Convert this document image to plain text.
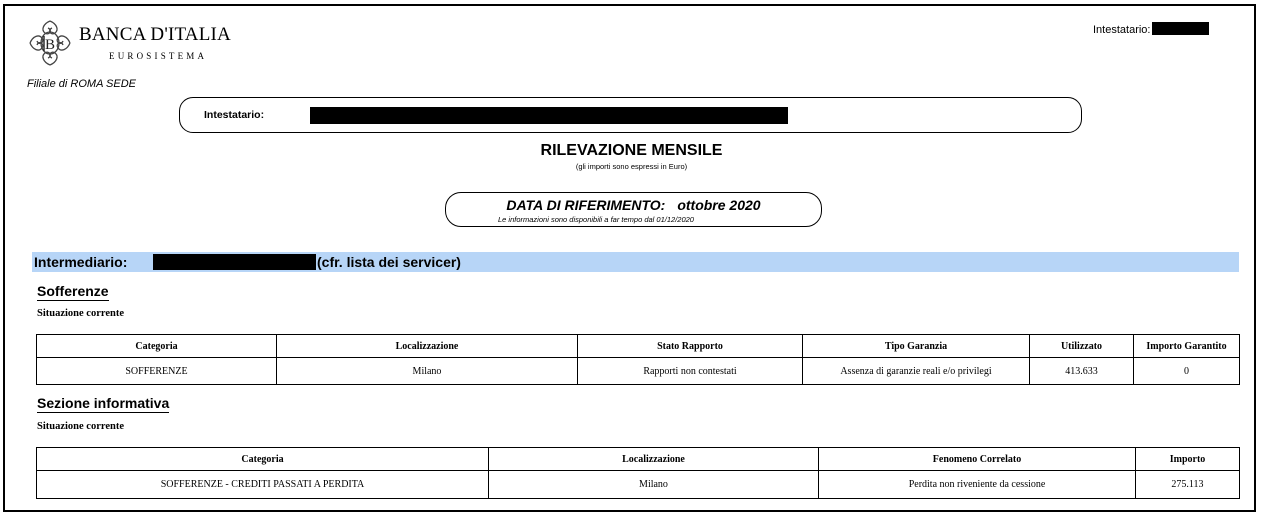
B BANCA D'ITALIA
EUROSISTEMA
Intestatario:
Filiale di ROMA SEDE
Intestatario:
RILEVAZIONE MENSILE
(gli importi sono espressi in Euro)
DATA DI RIFERIMENTO: ottobre 2020
Le informazioni sono disponibili a far tempo dal 01/12/2020
Intermediario:	(cfr. lista dei servicer)
Sofferenze
Situazione corrente
Categoria	Localizzazione	Stato Rapporto	Tipo Garanzia	Utilizzato	Importo Garantito
SOFFERENZE	Milano	Rapporti non contestati	Assenza di garanzie reali e/o privilegi	413.633	0
Sezione informativa
Situazione corrente
Categoria	Localizzazione	Fenomeno Correlato	Importo
SOFFERENZE - CREDITI PASSATI A PERDITA	Milano	Perdita non riveniente da cessione	275.113
